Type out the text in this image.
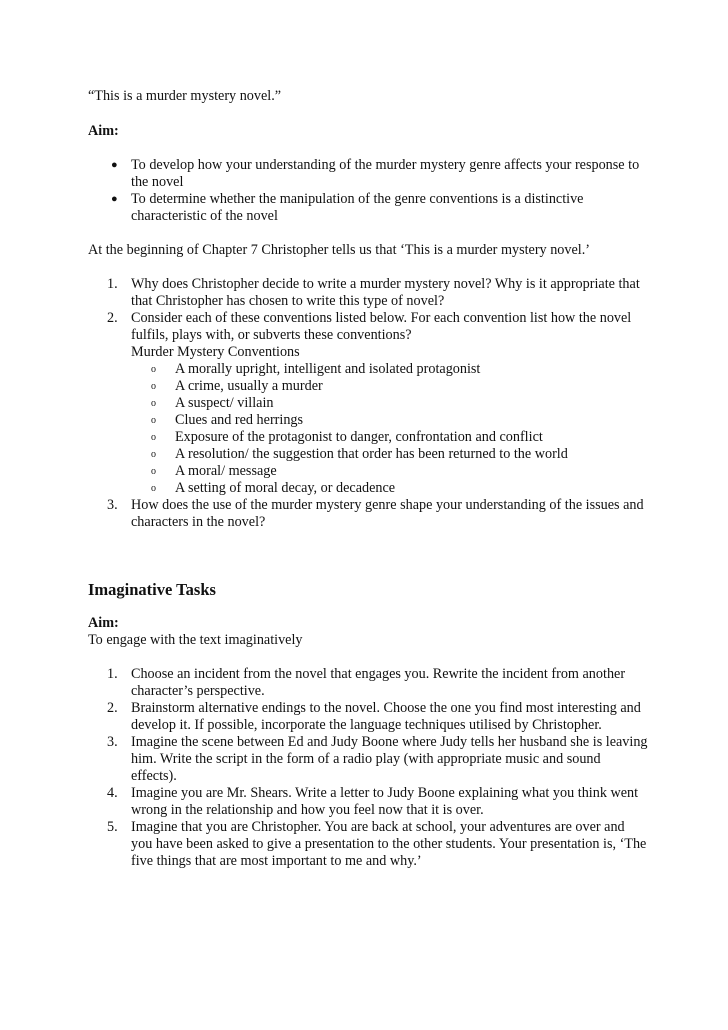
“This is a murder mystery novel.”

Aim:

● To develop how your understanding of the murder mystery genre affects your response to the novel
● To determine whether the manipulation of the genre conventions is a distinctive characteristic of the novel

At the beginning of Chapter 7 Christopher tells us that ‘This is a murder mystery novel.’

1. Why does Christopher decide to write a murder mystery novel? Why is it appropriate that that Christopher has chosen to write this type of novel?
2. Consider each of these conventions listed below. For each convention list how the novel fulfils, plays with, or subverts these conventions?
Murder Mystery Conventions
o A morally upright, intelligent and isolated protagonist
o A crime, usually a murder
o A suspect/ villain
o Clues and red herrings
o Exposure of the protagonist to danger, confrontation and conflict
o A resolution/ the suggestion that order has been returned to the world
o A moral/ message
o A setting of moral decay, or decadence
3. How does the use of the murder mystery genre shape your understanding of the issues and characters in the novel?

Imaginative Tasks

Aim:

To engage with the text imaginatively

1. Choose an incident from the novel that engages you. Rewrite the incident from another character’s perspective.
2. Brainstorm alternative endings to the novel. Choose the one you find most interesting and develop it. If possible, incorporate the language techniques utilised by Christopher.
3. Imagine the scene between Ed and Judy Boone where Judy tells her husband she is leaving him. Write the script in the form of a radio play (with appropriate music and sound effects).
4. Imagine you are Mr. Shears. Write a letter to Judy Boone explaining what you think went wrong in the relationship and how you feel now that it is over.
5. Imagine that you are Christopher. You are back at school, your adventures are over and you have been asked to give a presentation to the other students. Your presentation is, ‘The five things that are most important to me and why.’
